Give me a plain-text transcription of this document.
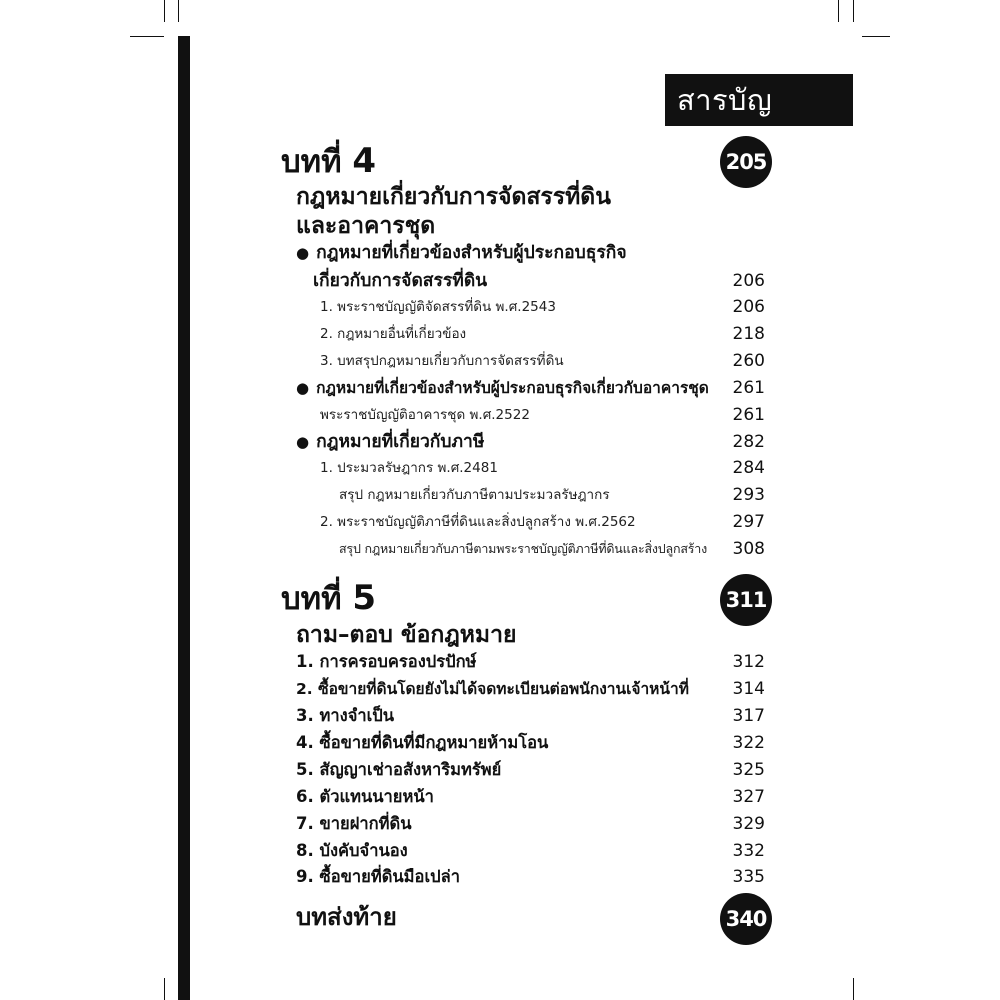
สารบัญ
บทที่ 4	205
กฎหมายเกี่ยวกับการจัดสรรที่ดิน
และอาคารชุด
● กฎหมายที่เกี่ยวข้องสำหรับผู้ประกอบธุรกิจ
เกี่ยวกับการจัดสรรที่ดิน	206
1. พระราชบัญญัติจัดสรรที่ดิน พ.ศ.2543	206
2. กฎหมายอื่นที่เกี่ยวข้อง	218
3. บทสรุปกฎหมายเกี่ยวกับการจัดสรรที่ดิน	260
● กฎหมายที่เกี่ยวข้องสำหรับผู้ประกอบธุรกิจเกี่ยวกับอาคารชุด 261
พระราชบัญญัติอาคารชุด พ.ศ.2522	261
● กฎหมายที่เกี่ยวกับภาษี	282
1. ประมวลรัษฎากร พ.ศ.2481	284
สรุป กฎหมายเกี่ยวกับภาษีตามประมวลรัษฎากร	293
2. พระราชบัญญัติภาษีที่ดินและสิ่งปลูกสร้าง พ.ศ.2562	297
สรุป กฎหมายเกี่ยวกับภาษีตามพระราชบัญญัติภาษีที่ดินและสิ่งปลูกสร้าง 308
บทที่ 5	311
ถาม–ตอบ ข้อกฎหมาย
1. การครอบครองปรปักษ์	312
2. ซื้อขายที่ดินโดยยังไม่ได้จดทะเบียนต่อพนักงานเจ้าหน้าที่	314
3. ทางจำเป็น	317
4. ซื้อขายที่ดินที่มีกฎหมายห้ามโอน	322
5. สัญญาเช่าอสังหาริมทรัพย์	325
6. ตัวแทนนายหน้า	327
7. ขายฝากที่ดิน	329
8. บังคับจำนอง	332
9. ซื้อขายที่ดินมือเปล่า	335
บทส่งท้าย	340
